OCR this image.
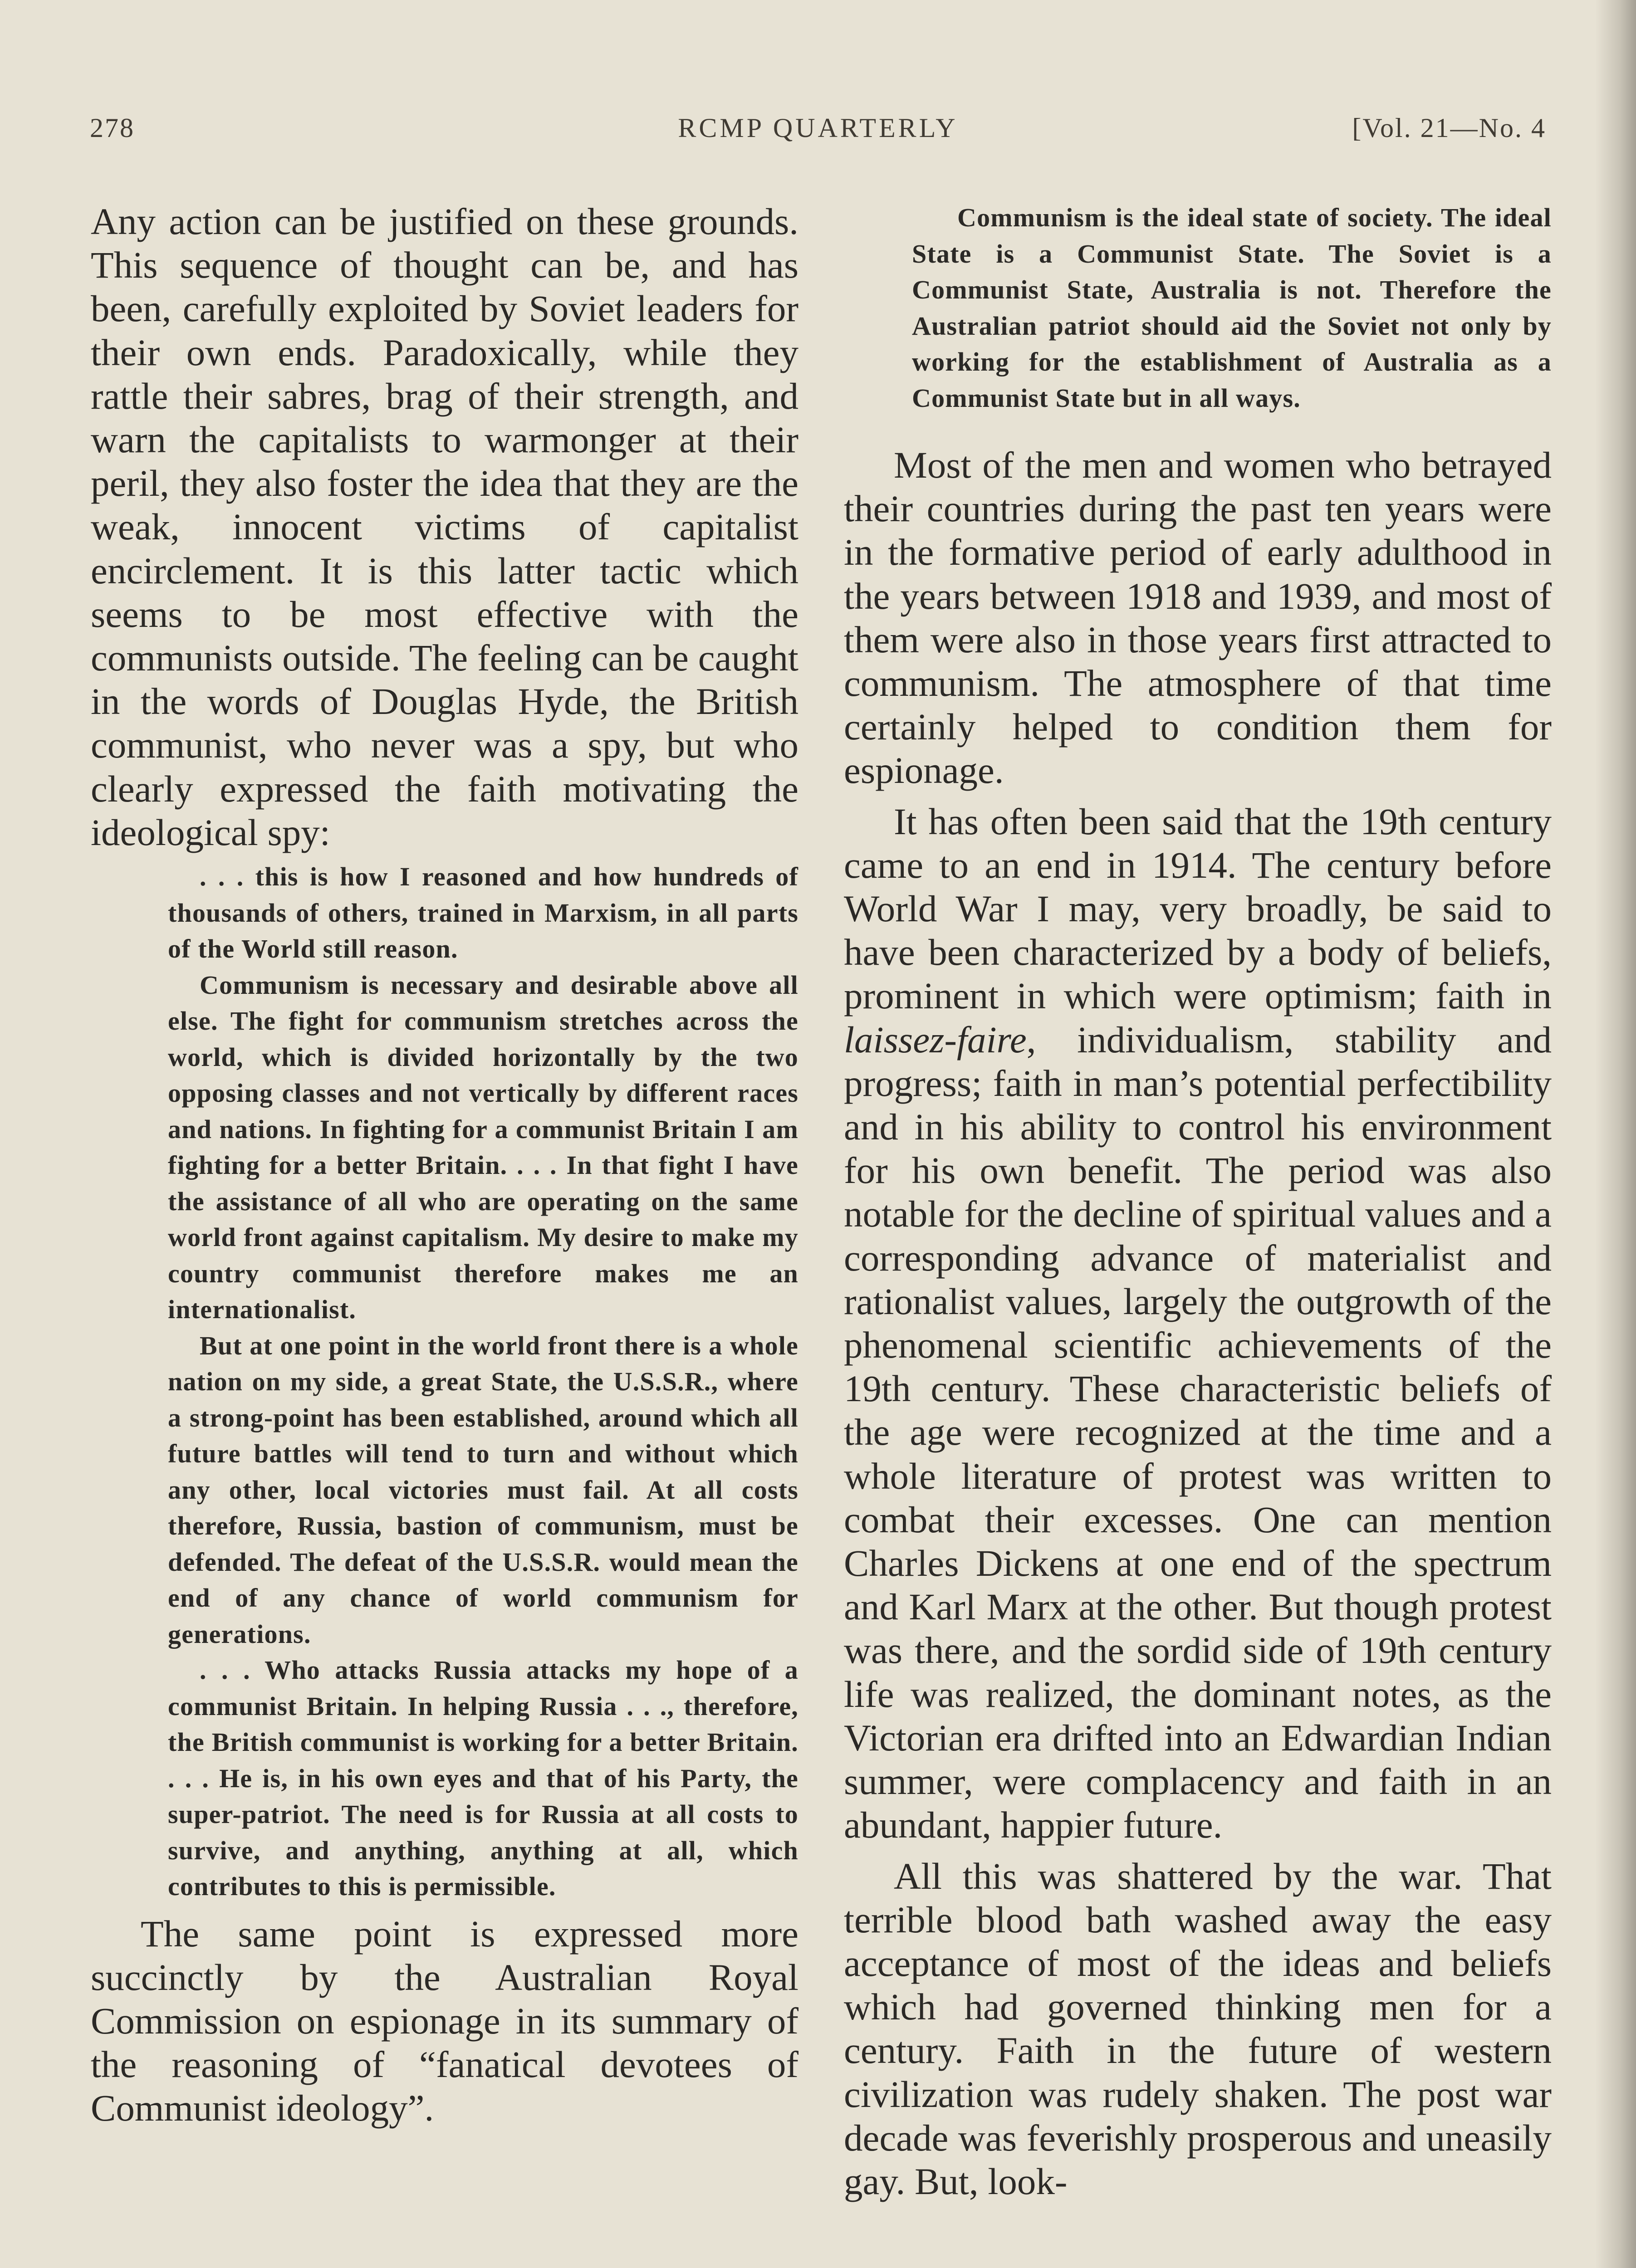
278	RCMP QUARTERLY	[Vol. 21—No. 4

Any action can be justified on these grounds. This sequence of thought can be, and has been, carefully exploited by Soviet leaders for their own ends. Paradoxically, while they rattle their sabres, brag of their strength, and warn the capitalists to warmonger at their peril, they also foster the idea that they are the weak, innocent victims of capitalist encirclement. It is this latter tactic which seems to be most effective with the communists outside. The feeling can be caught in the words of Douglas Hyde, the British communist, who never was a spy, but who clearly expressed the faith motivating the ideological spy:

. . . this is how I reasoned and how hundreds of thousands of others, trained in Marxism, in all parts of the World still reason.

Communism is necessary and desirable above all else. The fight for communism stretches across the world, which is divided horizontally by the two opposing classes and not vertically by different races and nations. In fighting for a communist Britain I am fighting for a better Britain. . . . In that fight I have the assistance of all who are operating on the same world front against capitalism. My desire to make my country communist therefore makes me an internationalist.

But at one point in the world front there is a whole nation on my side, a great State, the U.S.S.R., where a strong-point has been established, around which all future battles will tend to turn and without which any other, local victories must fail. At all costs therefore, Russia, bastion of communism, must be defended. The defeat of the U.S.S.R. would mean the end of any chance of world communism for generations.

. . . Who attacks Russia attacks my hope of a communist Britain. In helping Russia . . ., therefore, the British communist is working for a better Britain. . . . He is, in his own eyes and that of his Party, the super-patriot. The need is for Russia at all costs to survive, and anything, anything at all, which contributes to this is permissible.

The same point is expressed more succinctly by the Australian Royal Commission on espionage in its summary of the reasoning of “fanatical devotees of Communist ideology”.

Communism is the ideal state of society. The ideal State is a Communist State. The Soviet is a Communist State, Australia is not. Therefore the Australian patriot should aid the Soviet not only by working for the establishment of Australia as a Communist State but in all ways.

Most of the men and women who betrayed their countries during the past ten years were in the formative period of early adulthood in the years between 1918 and 1939, and most of them were also in those years first attracted to communism. The atmosphere of that time certainly helped to condition them for espionage.

It has often been said that the 19th century came to an end in 1914. The century before World War I may, very broadly, be said to have been characterized by a body of beliefs, prominent in which were optimism; faith in laissez-faire, individualism, stability and progress; faith in man’s potential perfectibility and in his ability to control his environment for his own benefit. The period was also notable for the decline of spiritual values and a corresponding advance of materialist and rationalist values, largely the outgrowth of the phenomenal scientific achievements of the 19th century. These characteristic beliefs of the age were recognized at the time and a whole literature of protest was written to combat their excesses. One can mention Charles Dickens at one end of the spectrum and Karl Marx at the other. But though protest was there, and the sordid side of 19th century life was realized, the dominant notes, as the Victorian era drifted into an Edwardian Indian summer, were complacency and faith in an abundant, happier future.

All this was shattered by the war. That terrible blood bath washed away the easy acceptance of most of the ideas and beliefs which had governed thinking men for a century. Faith in the future of western civilization was rudely shaken. The post war decade was feverishly prosperous and uneasily gay. But, look-
